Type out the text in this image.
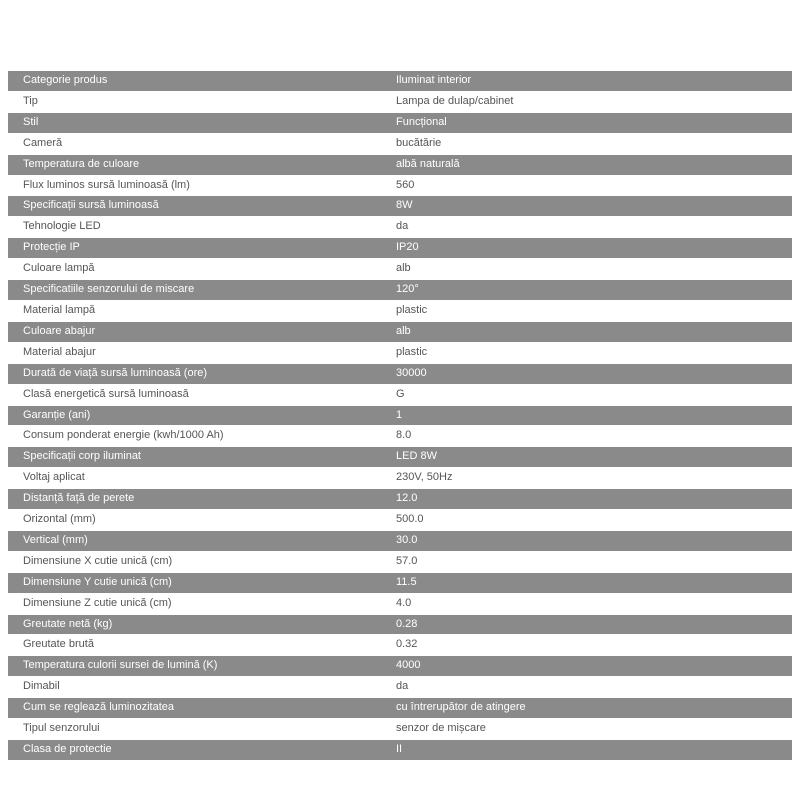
Categorie produs	Iluminat interior
Tip	Lampa de dulap/cabinet
Stil	Funcțional
Cameră	bucătărie
Temperatura de culoare	albă naturală
Flux luminos sursă luminoasă (lm)	560
Specificații sursă luminoasă	8W
Tehnologie LED	da
Protecție IP	IP20
Culoare lampă	alb
Specificatiile senzorului de miscare	120°
Material lampă	plastic
Culoare abajur	alb
Material abajur	plastic
Durată de viață sursă luminoasă (ore)	30000
Clasă energetică sursă luminoasă	G
Garanție (ani)	1
Consum ponderat energie (kwh/1000 Ah)	8.0
Specificații corp iluminat	LED 8W
Voltaj aplicat	230V, 50Hz
Distanță față de perete	12.0
Orizontal (mm)	500.0
Vertical (mm)	30.0
Dimensiune X cutie unică (cm)	57.0
Dimensiune Y cutie unică (cm)	11.5
Dimensiune Z cutie unică (cm)	4.0
Greutate netă (kg)	0.28
Greutate brută	0.32
Temperatura culorii sursei de lumină (K)	4000
Dimabil	da
Cum se reglează luminozitatea	cu întrerupător de atingere
Tipul senzorului	senzor de mișcare
Clasa de protectie	II
